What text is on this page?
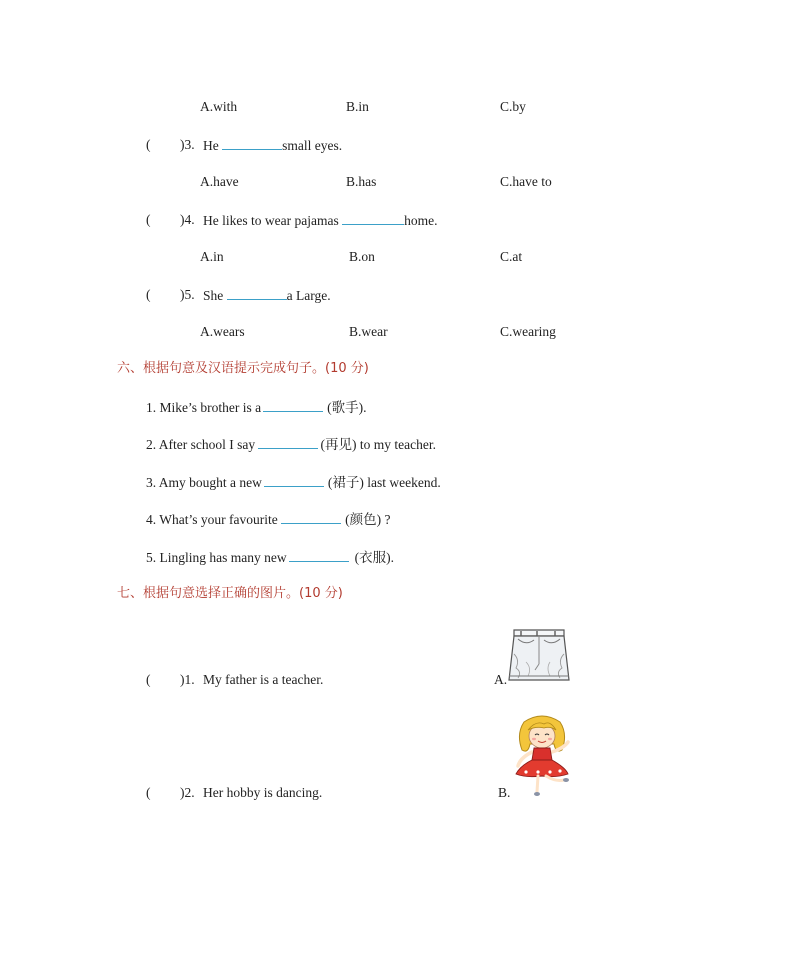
A.with	B.in	C.by
( )3. He	small eyes.
A.have	B.has	C.have to
( )4. He likes to wear pajamas	home.
A.in	B.on	C.at
( )5. She	a Large.
A.wears	B.wear	C.wearing
六、根据句意及汉语提示完成句子。(10 分)
1. Mike’s brother is a	(歌手).
2. After school I say	(再见) to my teacher.
3. Amy bought a new	(裙子) last weekend.
4. What’s your favourite	(颜色) ?
5. Lingling has many new	(衣服).
七、根据句意选择正确的图片。(10 分)
( )1. My father is a teacher.	A.
( )2. Her hobby is dancing.	B.
